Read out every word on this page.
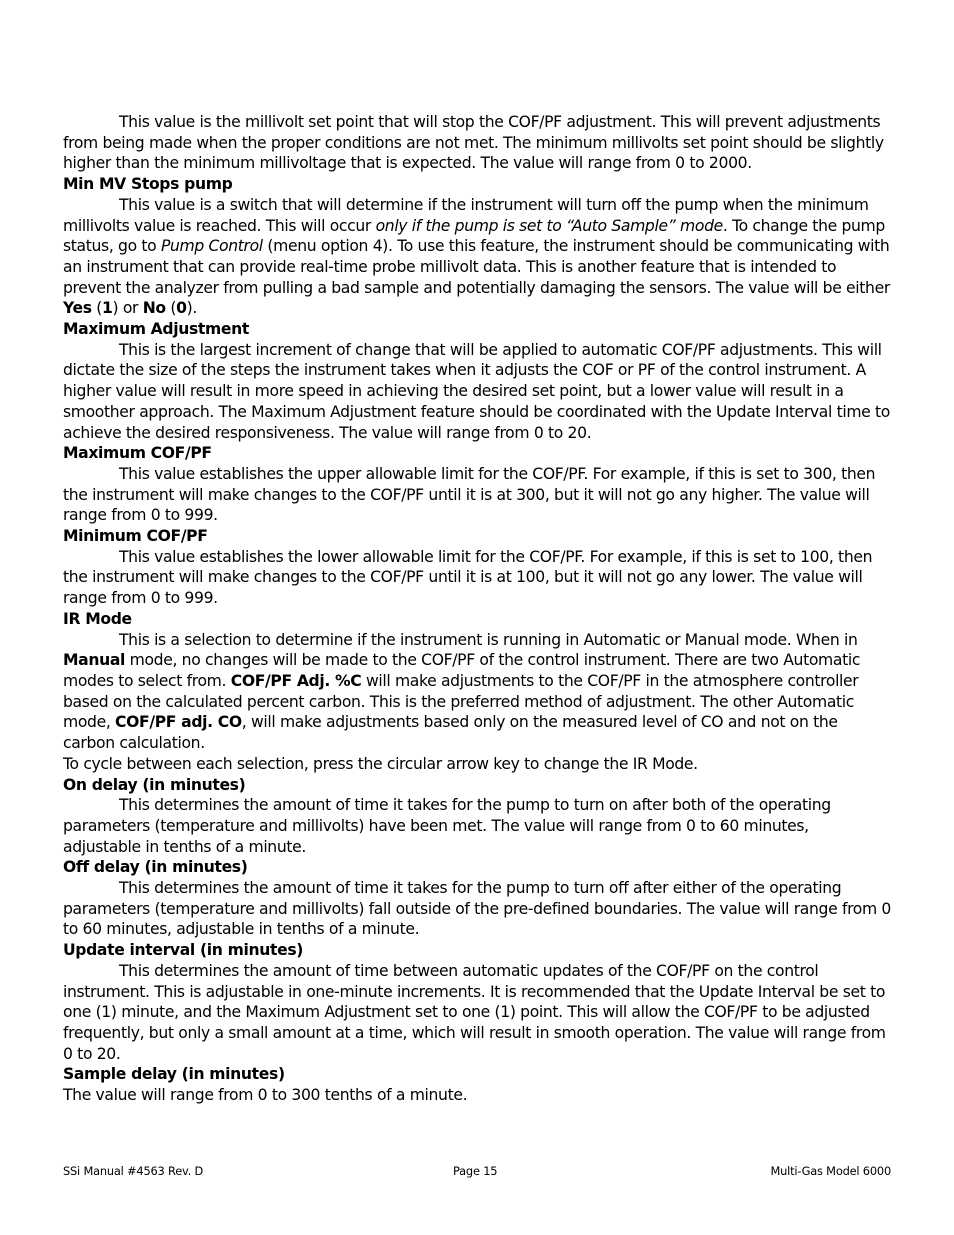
This value is the millivolt set point that will stop the COF/PF adjustment. This will prevent adjustments from being made when the proper conditions are not met. The minimum millivolts set point should be slightly higher than the minimum millivoltage that is expected. The value will range from 0 to 2000.

Min MV Stops pump

This value is a switch that will determine if the instrument will turn off the pump when the minimum millivolts value is reached. This will occur only if the pump is set to “Auto Sample” mode. To change the pump status, go to Pump Control (menu option 4). To use this feature, the instrument should be communicating with an instrument that can provide real-time probe millivolt data. This is another feature that is intended to prevent the analyzer from pulling a bad sample and potentially damaging the sensors. The value will be either Yes (1) or No (0).

Maximum Adjustment

This is the largest increment of change that will be applied to automatic COF/PF adjustments. This will dictate the size of the steps the instrument takes when it adjusts the COF or PF of the control instrument. A higher value will result in more speed in achieving the desired set point, but a lower value will result in a smoother approach. The Maximum Adjustment feature should be coordinated with the Update Interval time to achieve the desired responsiveness. The value will range from 0 to 20.

Maximum COF/PF

This value establishes the upper allowable limit for the COF/PF. For example, if this is set to 300, then the instrument will make changes to the COF/PF until it is at 300, but it will not go any higher. The value will range from 0 to 999.

Minimum COF/PF

This value establishes the lower allowable limit for the COF/PF. For example, if this is set to 100, then the instrument will make changes to the COF/PF until it is at 100, but it will not go any lower. The value will range from 0 to 999.

IR Mode

This is a selection to determine if the instrument is running in Automatic or Manual mode. When in Manual mode, no changes will be made to the COF/PF of the control instrument. There are two Automatic modes to select from. COF/PF Adj. %C will make adjustments to the COF/PF in the atmosphere controller based on the calculated percent carbon. This is the preferred method of adjustment. The other Automatic mode, COF/PF adj. CO, will make adjustments based only on the measured level of CO and not on the carbon calculation.

To cycle between each selection, press the circular arrow key to change the IR Mode.

On delay (in minutes)

This determines the amount of time it takes for the pump to turn on after both of the operating parameters (temperature and millivolts) have been met. The value will range from 0 to 60 minutes, adjustable in tenths of a minute.

Off delay (in minutes)

This determines the amount of time it takes for the pump to turn off after either of the operating parameters (temperature and millivolts) fall outside of the pre-defined boundaries. The value will range from 0 to 60 minutes, adjustable in tenths of a minute.

Update interval (in minutes)

This determines the amount of time between automatic updates of the COF/PF on the control instrument. This is adjustable in one-minute increments. It is recommended that the Update Interval be set to one (1) minute, and the Maximum Adjustment set to one (1) point. This will allow the COF/PF to be adjusted frequently, but only a small amount at a time, which will result in smooth operation. The value will range from 0 to 20.

Sample delay (in minutes)

The value will range from 0 to 300 tenths of a minute.

SSi Manual #4563 Rev. D	Page 15	Multi-Gas Model 6000
